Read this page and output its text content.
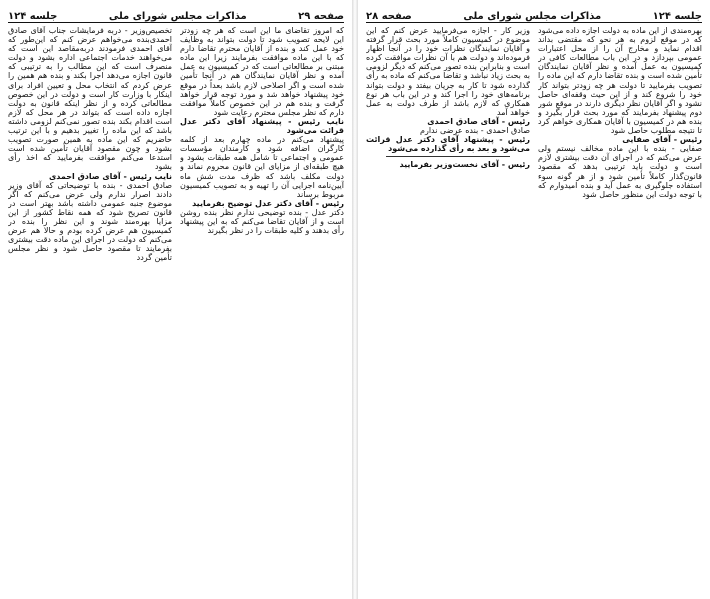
صفحه ۲۹
مذاکرات مجلس شورای ملی
جلسه ۱۲۴

که امروز تقاضای ما این است که هر چه زودتر این لایحه تصویب شود تا دولت بتواند به وظایف خود عمل کند و بنده از آقایان محترم تقاضا دارم که با این ماده موافقت بفرمایند زیرا این ماده مبتنی بر مطالعاتی است که در کمیسیون به عمل آمده و نظر آقایان نمایندگان هم در آنجا تأمین شده است و اگر اصلاحی لازم باشد بعداً در موقع خود پیشنهاد خواهد شد و مورد توجه قرار خواهد گرفت و بنده هم در این خصوص کاملاً موافقت دارم که نظر مجلس محترم رعایت شود

نایب رئیس - پیشنهاد آقای دکتر عدل قرائت می‌شود

پیشنهاد می‌کنم در ماده چهارم بعد از کلمه کارگران اضافه شود و کارمندان مؤسسات عمومی و اجتماعی تا شامل همه طبقات بشود و هیچ طبقه‌ای از مزایای این قانون محروم نماند و دولت مکلف باشد که ظرف مدت شش ماه آیین‌نامه اجرایی آن را تهیه و به تصویب کمیسیون مربوط برساند

رئیس - آقای دکتر عدل توضیح بفرمایید

دکتر عدل - بنده توضیحی ندارم نظر بنده روشن است و از آقایان تقاضا می‌کنم که به این پیشنهاد رأی بدهند و کلیه طبقات را در نظر بگیرند

تخصیص‌وزیر - دربه فرمایشات جناب آقای صادق احمدی‌بنده می‌خواهم عرض کنم که این‌طور که آقای احمدی فرمودند دربه‌مقاصد این است که می‌خواهند خدمات اجتماعی اداره بشود و دولت منصرف است که این مطالب را به ترتیبی که قانون اجازه می‌دهد اجرا بکند و بنده هم همین را عرض کردم که انتخاب محل و تعیین افراد برای اینکار با وزارت کار است و دولت در این خصوص مطالعاتی کرده و از نظر اینکه قانون به دولت اجازه داده است که بتواند در هر محل که لازم است اقدام بکند بنده تصور نمی‌کنم لزومی داشته باشد که این ماده را تغییر بدهیم و با این ترتیب حاضریم که این ماده به همین صورت تصویب بشود و چون مقصود آقایان تأمین شده است استدعا می‌کنم موافقت بفرمایید که اخذ رأی بشود

نایب رئیس - آقای صادق احمدی

صادق احمدی - بنده با توضیحاتی که آقای وزیر دادند اصرار ندارم ولی عرض می‌کنم که اگر موضوع جنبه عمومی داشته باشد بهتر است در قانون تصریح شود که همه نقاط کشور از این مزایا بهره‌مند شوند و این نظر را بنده در کمیسیون هم عرض کرده بودم و حالا هم عرض می‌کنم که دولت در اجرای این ماده دقت بیشتری بفرمایند تا مقصود حاصل شود و نظر مجلس تأمین گردد

جلسه ۱۲۴
مذاکرات مجلس شورای ملی
صفحه ۲۸

بهره‌مندی از این ماده به دولت اجازه داده می‌شود که در موقع لزوم به هر نحو که مقتضی بداند اقدام نماید و مخارج آن را از محل اعتبارات عمومی بپردازد و در این باب مطالعات کافی در کمیسیون به عمل آمده و نظر آقایان نمایندگان تأمین شده است و بنده تقاضا دارم که این ماده را تصویب بفرمایید تا دولت هر چه زودتر بتواند کار خود را شروع کند و از این حیث وقفه‌ای حاصل نشود و اگر آقایان نظر دیگری دارند در موقع شور دوم پیشنهاد بفرمایند که مورد بحث قرار بگیرد و بنده هم در کمیسیون با آقایان همکاری خواهم کرد تا نتیجه مطلوب حاصل شود

رئیس - آقای صفایی

صفایی - بنده با این ماده مخالف نیستم ولی عرض می‌کنم که در اجرای آن دقت بیشتری لازم است و دولت باید ترتیبی بدهد که مقصود قانون‌گذار کاملاً تأمین شود و از هر گونه سوء استفاده جلوگیری به عمل آید و بنده امیدوارم که با توجه دولت این منظور حاصل شود

وزیر کار - اجازه می‌فرمایید عرض کنم که این موضوع در کمیسیون کاملاً مورد بحث قرار گرفته و آقایان نمایندگان نظرات خود را در آنجا اظهار فرموده‌اند و دولت هم با آن نظرات موافقت کرده است و بنابراین بنده تصور می‌کنم که دیگر لزومی به بحث زیاد نباشد و تقاضا می‌کنم که ماده به رأی گذارده شود تا کار به جریان بیفتد و دولت بتواند برنامه‌های خود را اجرا کند و در این باب هر نوع همکاری که لازم باشد از طرف دولت به عمل خواهد آمد

رئیس - آقای صادق احمدی

صادق احمدی - بنده عرضی ندارم

رئیس - پیشنهاد آقای دکتر عدل قرائت می‌شود و بعد به رأی گذارده می‌شود

رئیس - آقای نخست‌وزیر بفرمایید
